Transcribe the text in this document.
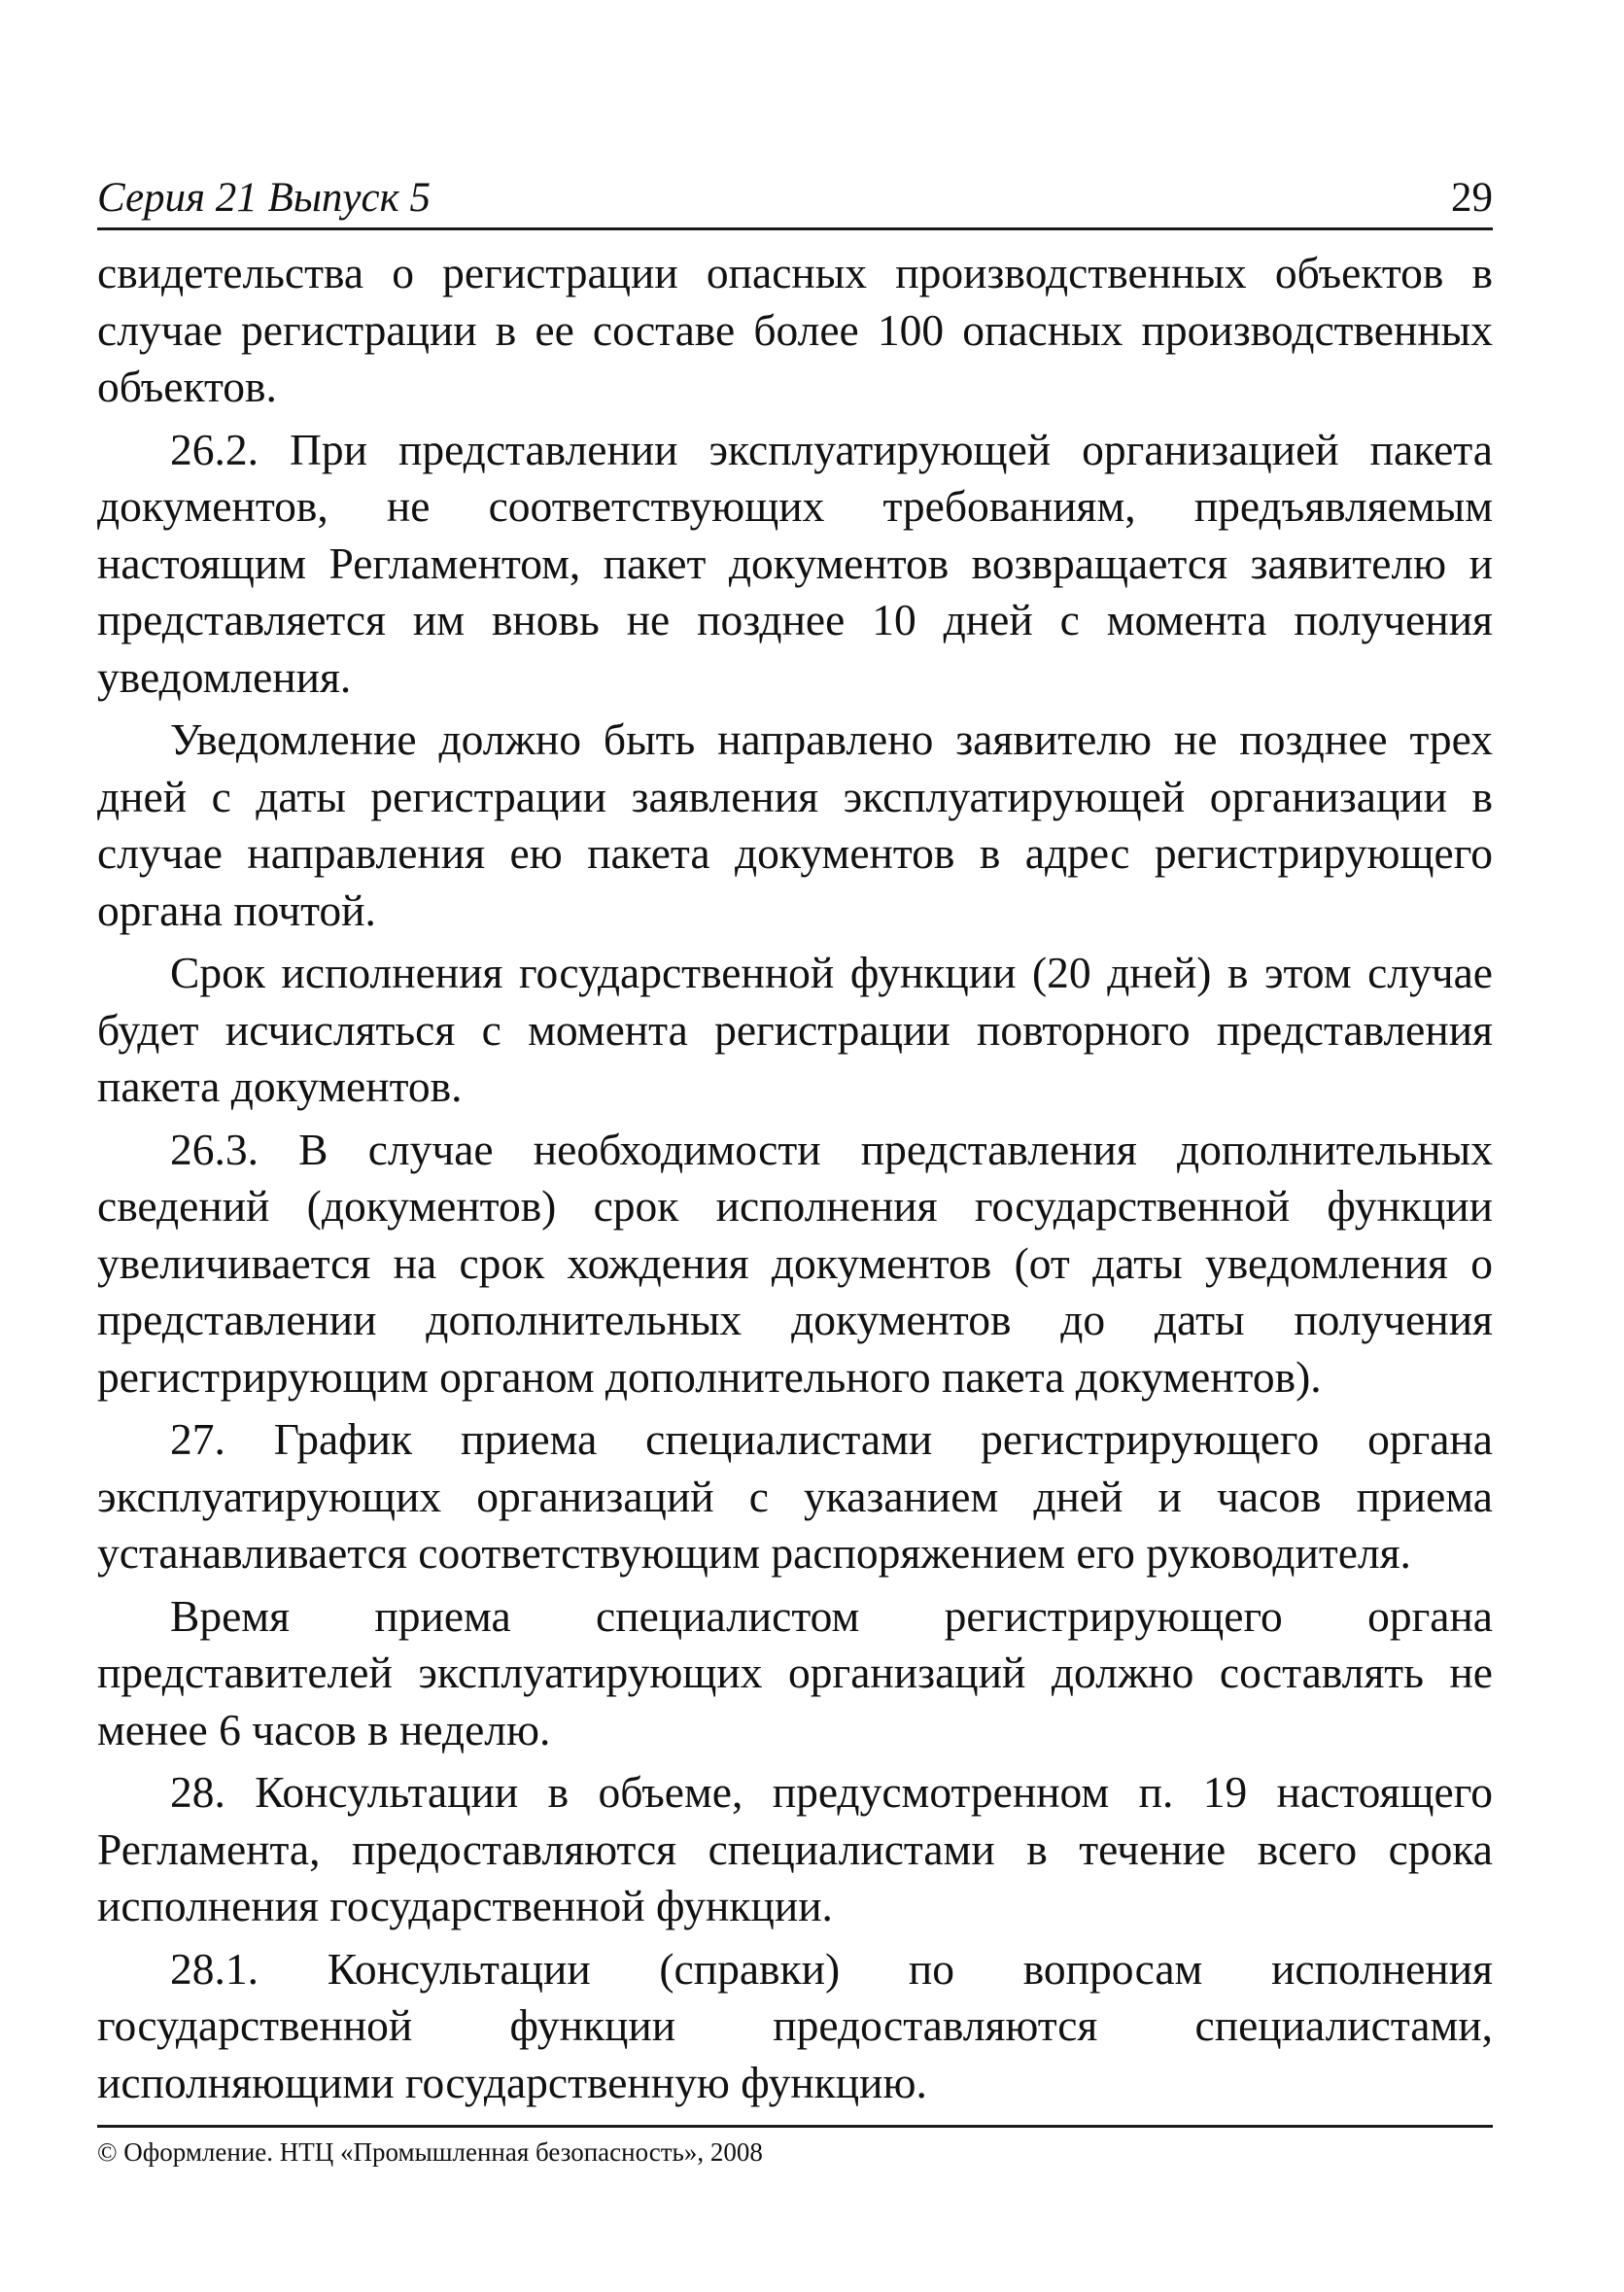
Серия 21 Выпуск 5	29

свидетельства о регистрации опасных производственных объектов в случае регистрации в ее составе более 100 опасных производственных объектов.

26.2. При представлении эксплуатирующей организацией пакета документов, не соответствующих требованиям, предъявляемым настоящим Регламентом, пакет документов возвращается заявителю и представляется им вновь не позднее 10 дней с момента получения уведомления.

Уведомление должно быть направлено заявителю не позднее трех дней с даты регистрации заявления эксплуатирующей организации в случае направления ею пакета документов в адрес регистрирующего органа почтой.

Срок исполнения государственной функции (20 дней) в этом случае будет исчисляться с момента регистрации повторного представления пакета документов.

26.3. В случае необходимости представления дополнительных сведений (документов) срок исполнения государственной функции увеличивается на срок хождения документов (от даты уведомления о представлении дополнительных документов до даты получения регистрирующим органом дополнительного пакета документов).

27. График приема специалистами регистрирующего органа эксплуатирующих организаций с указанием дней и часов приема устанавливается соответствующим распоряжением его руководителя.

Время приема специалистом регистрирующего органа представителей эксплуатирующих организаций должно составлять не менее 6 часов в неделю.

28. Консультации в объеме, предусмотренном п. 19 настоящего Регламента, предоставляются специалистами в течение всего срока исполнения государственной функции.

28.1. Консультации (справки) по вопросам исполнения государственной функции предоставляются специалистами, исполняющими государственную функцию.

© Оформление. НТЦ «Промышленная безопасность», 2008
